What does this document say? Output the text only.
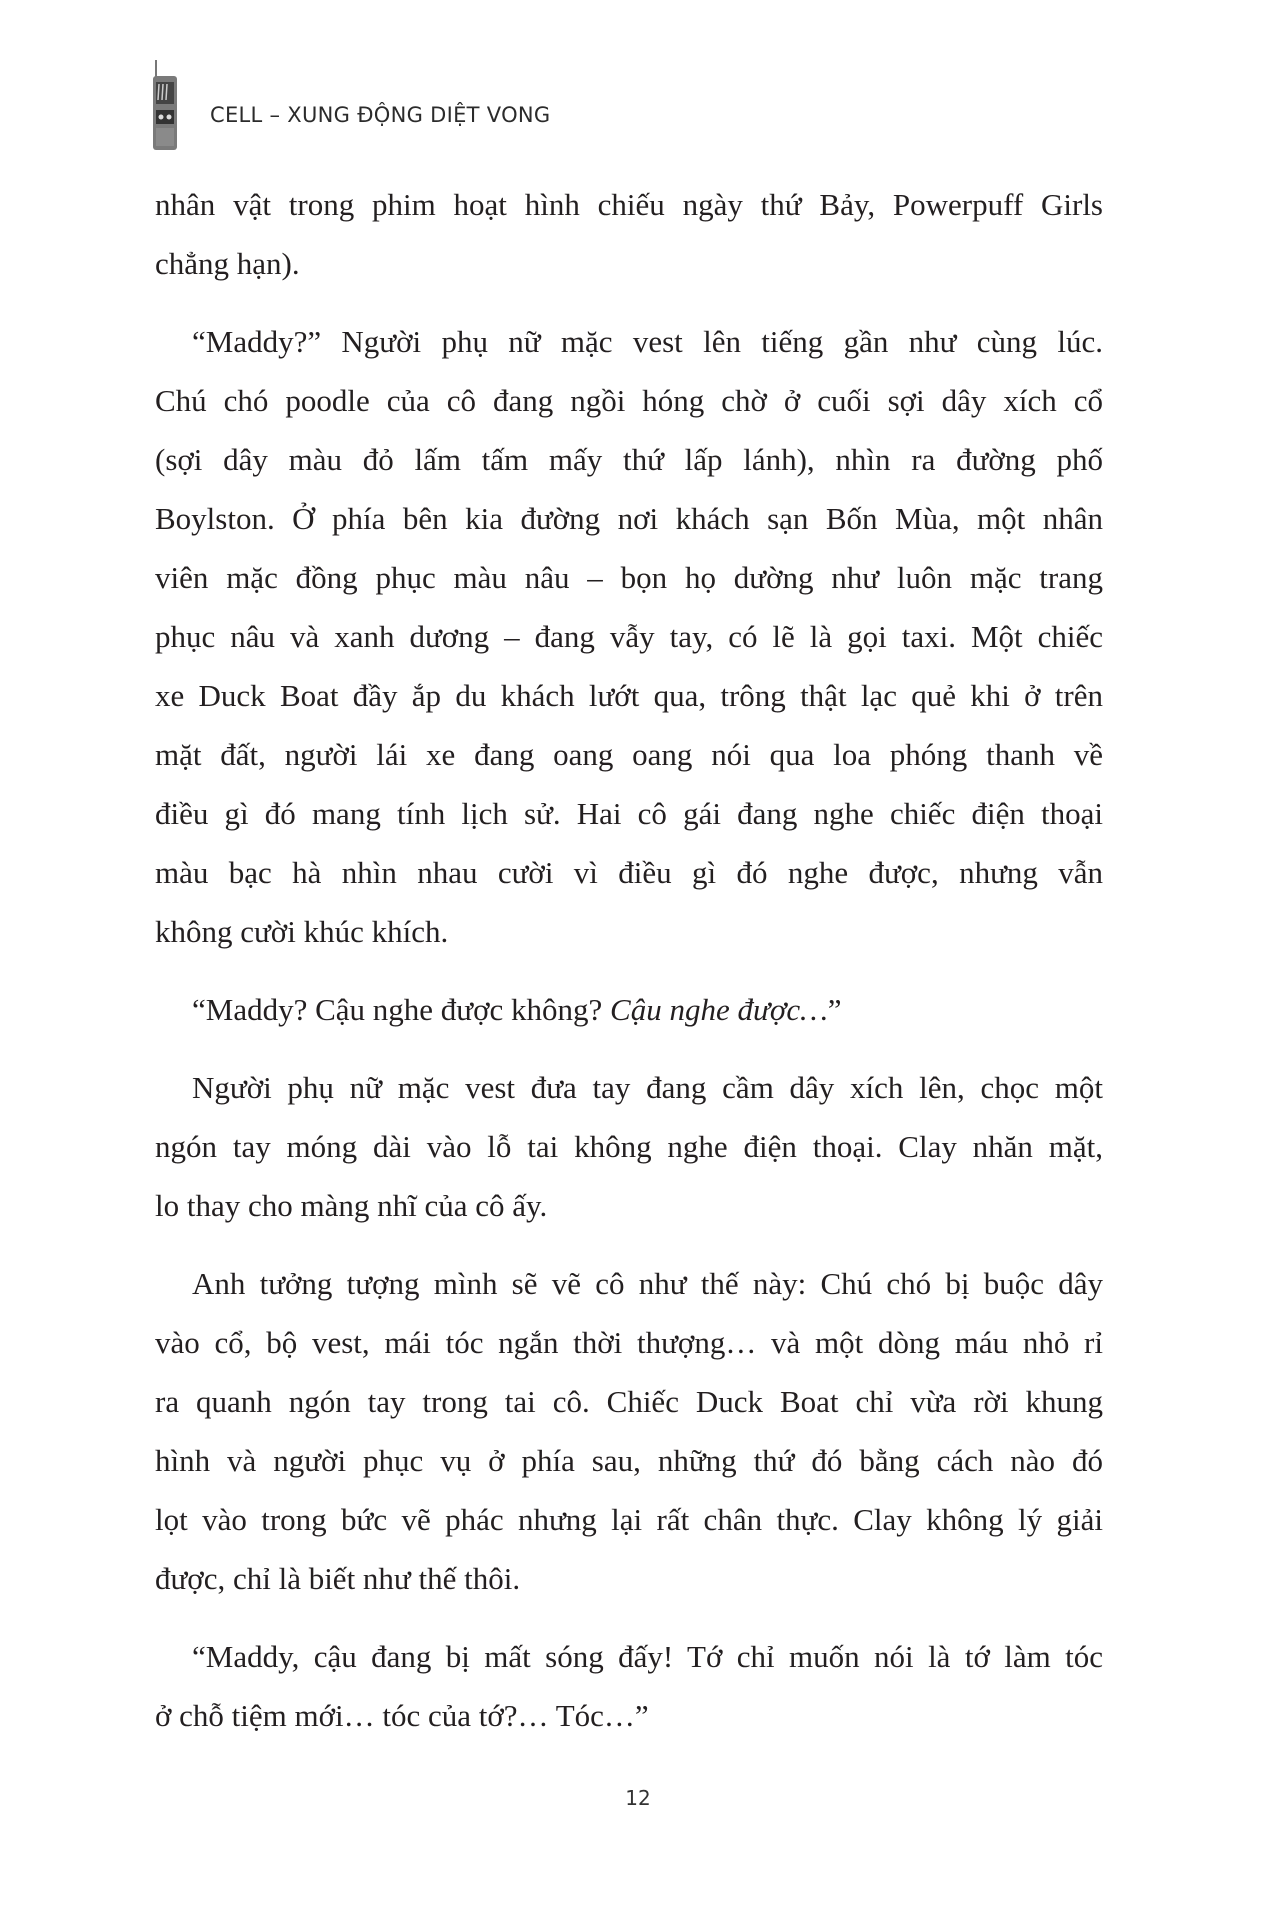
CELL – XUNG ĐỘNG DIỆT VONG
nhân vật trong phim hoạt hình chiếu ngày thứ Bảy, Powerpuff Girls
chẳng hạn).
“Maddy?” Người phụ nữ mặc vest lên tiếng gần như cùng lúc.
Chú chó poodle của cô đang ngồi hóng chờ ở cuối sợi dây xích cổ
(sợi dây màu đỏ lấm tấm mấy thứ lấp lánh), nhìn ra đường phố
Boylston. Ở phía bên kia đường nơi khách sạn Bốn Mùa, một nhân
viên mặc đồng phục màu nâu – bọn họ dường như luôn mặc trang
phục nâu và xanh dương – đang vẫy tay, có lẽ là gọi taxi. Một chiếc
xe Duck Boat đầy ắp du khách lướt qua, trông thật lạc quẻ khi ở trên
mặt đất, người lái xe đang oang oang nói qua loa phóng thanh về
điều gì đó mang tính lịch sử. Hai cô gái đang nghe chiếc điện thoại
màu bạc hà nhìn nhau cười vì điều gì đó nghe được, nhưng vẫn
không cười khúc khích.
“Maddy? Cậu nghe được không? Cậu nghe được…”
Người phụ nữ mặc vest đưa tay đang cầm dây xích lên, chọc một
ngón tay móng dài vào lỗ tai không nghe điện thoại. Clay nhăn mặt,
lo thay cho màng nhĩ của cô ấy.
Anh tưởng tượng mình sẽ vẽ cô như thế này: Chú chó bị buộc dây
vào cổ, bộ vest, mái tóc ngắn thời thượng… và một dòng máu nhỏ rỉ
ra quanh ngón tay trong tai cô. Chiếc Duck Boat chỉ vừa rời khung
hình và người phục vụ ở phía sau, những thứ đó bằng cách nào đó
lọt vào trong bức vẽ phác nhưng lại rất chân thực. Clay không lý giải
được, chỉ là biết như thế thôi.
“Maddy, cậu đang bị mất sóng đấy! Tớ chỉ muốn nói là tớ làm tóc
ở chỗ tiệm mới… tóc của tớ?… Tóc…”
12
